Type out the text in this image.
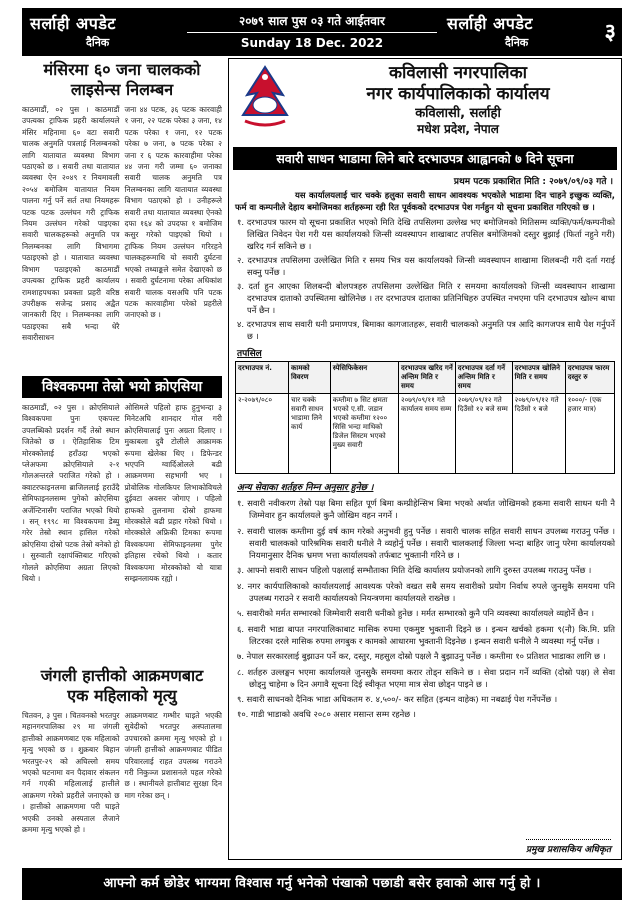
सर्लाही अपडेट
दैनिक
२०७९ साल पुस ०३ गते आईतवार
Sunday 18 Dec. 2022
सर्लाही अपडेट
दैनिक	३
मंसिरमा ६० जना चालकको
लाइसेन्स निलम्बन
काठमाडौं, ०२ पुस । काठमाडौं उपत्यका ट्राफिक प्रहरी कार्यालयले मंसिर महिनामा ६० वटा सवारी चालक अनुमति पत्रलाई निलम्बनको लागि यातायात व्यवस्था विभाग पठाएको छ । सवारी तथा यातायात व्यवस्था ऐन २०४९ र नियमावली २०५४ बमोजिम यातायात नियम पालना गर्नु पर्ने सर्त तथा नियमहरू पटक पटक उल्लंघन गरी ट्राफिक नियम उल्लंघन गरेको पाइएका सवारी चालकहरूको अनुमति पत्र निलम्बनका लागि विभागमा पठाइएको हो । यातायात व्यवस्था विभाग पठाइएको काठमाडौं उपत्यका ट्राफिक प्रहरी कार्यालय रामशाहपथका प्रवक्ता प्रहरी वरिष्ठ उपरीक्षक सजेन्द्र प्रसाद अद्वैत जानकारी दिए । निलम्बनका लागि पठाइएका सबै भन्दा धेरै सवारीसाधन
जना ४४ पटक, ३६ पटक कारवाही १ जना, २२ पटक परेका ३ जना, १४ पटक परेका १ जना, १२ पटक परेका ७ जना, ७ पटक परेका २ जना र ६ पटक कारवाहीमा परेका ४४ जना गरी जम्मा ६० जनाका सवारी चालक अनुमति पत्र निलम्बनका लागि यातायात व्यवस्था विभाग पठाएको हो । उनीहरूले सवारी तथा यातायात व्यवस्था ऐनको दफा १६४ को उपदफा १ बमोजिम कसुर गरेको पाइएको थियो । ट्राफिक नियम उल्लंघन गरिरहने चालकहरूमाथि यो सवारी दुर्घटना भएको तथ्याङ्कले समेत देखाएको छ । सवारी दुर्घटनामा परेका अधिकांश सवारी चालक यसअघि पनि पटक पटक कारवाहीमा परेको प्रहरीले जनाएको छ ।
विश्वकपमा तेस्रो भयो क्रोएसिया
काठमाडौं, ०२ पुस । क्रोएसियाले विश्वकपमा पुनः एकपल्ट उपलब्धिको प्रदर्शन गर्दै तेस्रो स्थान जितेको छ । ऐतिहासिक टिम मोरक्कोलाई हराँउदा भएको प्लेअफमा क्रोएसियाले २-१ गोलअन्तरले पराजित गरेको हो । क्वाटरफाइनलमा ब्राजिललाई हराउँदै सेमिफाइनलसम्म पुगेको क्रोएसिया अर्जेन्टिनासँग पराजित भएको थियो । सन् १९९८ मा विश्वकपमा डेब्यु गरेर तेस्रो स्थान हासिल गरेको क्रोएसिया दोस्रो पटक तेस्रो बनेको हो । सुरुवाती रक्षापंक्तिबाट गरिएको गोलले क्रोएसिया अग्रता लिएको थियो ।
ओसिमले पहिलो हाफ हुनुभन्दा ३ मिनेटअघि शानदार गोल गरी क्रोएसियालाई पुनः अग्रता दिलाए । मुकाबला दुवै टोलीले आक्रामक रूपमा खेलेका थिए । डिफेन्डर भएपनि ग्वार्दिओलले बढी आक्रमणमा सहभागी भए । प्रोवोलिक गोलकिपर लिभाकोविचले दुईवटा अवसर जोगाए । पहिलो हाफको तुलनामा दोस्रो हाफमा मोरक्कोले बढी प्रहार गरेको थियो । मोरक्कोले अफ्रिकी टिमका रूपमा विश्वकपमा सेमिफाइनलमा पुगेर इतिहास रचेको थियो । कतार विश्वकपमा मोरक्कोको यो यात्रा सम्झनलायक रह्यो ।
जंगली हात्तीको आक्रमणबाट
एक महिलाको मृत्यु
चितवन, ३ पुस । चितवनको भरतपुर महानगरपालिका २९ मा जंगली हात्तीको आक्रमणबाट एक महिलाको मृत्यु भएको छ । शुक्रबार बिहान भरतपुर-२९ को अघिल्लो समय भएको घटनामा वन पैदावार संकलन गर्न गएकी महिलालाई हात्तीले आक्रमण गरेको प्रहरीले जनाएको छ । हात्तीको आक्रमणमा परी घाइते भएकी उनको अस्पताल लैजाने क्रममा मृत्यु भएको हो ।
आक्रमणबाट गम्भीर घाइते भएकी सुवेदीको भरतपुर अस्पतालमा उपचारको क्रममा मृत्यु भएको हो । जंगली हात्तीको आक्रमणबाट पीडित परिवारलाई राहत उपलब्ध गराउने गरी निकुञ्ज प्रशासनले पहल गरेको छ । स्थानीयले हात्तीबाट सुरक्षा दिन माग गरेका छन् ।
कविलासी नगरपालिका
नगर कार्यपालिकाको कार्यालय
कविलासी, सर्लाही
मधेश प्रदेश, नेपाल
सवारी साधन भाडामा लिने बारे दरभाउपत्र आह्वानको ७ दिने सूचना
प्रथम पटक प्रकाशित मिति : २०७९/०९/०३ गते ।

यस कार्यालयलाई चार चक्के हलुका सवारी साधन आवश्यक भएकोले भाडामा दिन चाहने इच्छुक व्यक्ति, फर्म वा कम्पनीले देहाय बमोजिमका शर्तहरूमा रही रित पूर्वकको दरभाउपत्र पेश गर्नहुन यो सूचना प्रकाशित गरिएको छ ।

१. दरभाउपत्र फारम यो सूचना प्रकाशित भएको मिति देखि तपसिलमा उल्लेख भए बमोजिमको मितिसम्म व्यक्ति/फर्म/कम्पनीको लिखित निवेदन पेश गरी यस कार्यालयको जिन्सी व्यवस्थापन शाखाबाट तपसिल बमोजिमको दस्तुर बुझाई (फिर्ता नहुने गरी) खरिद गर्न सकिने छ ।
२. दरभाउपत्र तपसिलमा उल्लेखित मिति र समय भित्र यस कार्यालयको जिन्सी व्यवस्थापन शाखामा शिलबन्दी गरी दर्ता गराई सक्नु पर्नेछ ।
३. दर्ता हुन आएका शिलबन्दी बोलपत्रहरु तपसिलमा उल्लेखित मिति र समयमा कार्यालयको जिन्सी व्यवस्थापन शाखामा दरभाउपत्र दाताको उपस्थितमा खोलिनेछ । तर दरभाउपत्र दाताका प्रतिनिधिहरु उपस्थित नभएमा पनि दरभाउपत्र खोल्न बाधा पर्ने छैन ।
४. दरभाउपत्र साथ सवारी धनी प्रमाणपत्र, बिमाका कागजातहरू, सवारी चालकको अनुमति पत्र आदि कागजपत्र साथै पेश गर्नुपर्ने छ ।
तपसिल
दरभाउपत्र नं.	कामको विवरण	स्पेसिफिकेसन	दरभाउपत्र खरिद गर्ने अन्तिम मिति र समय	दरभाउपत्र दर्ता गर्ने अन्तिम मिति र समय	दरभाउपत्र खोलिने मिति र समय	दरभाउपत्र फारम दस्तुर रु
२-२०७९/०८०	चार चक्के सवारी साधन भाडामा लिने कार्य	कम्तीमा ७ सिट क्षमता भएको ए.सी. जडान भएको कम्तीमा १२०० सिसि भन्दा माथिको डिजेल सिस्टम भएको मुख्य सवारी	२०७९/०९/११ गते कार्यालय समय सम्म	२०७९/०९/१२ गते दिउँसो १२ बजे सम्म	२०७९/०९/१२ गते दिउँसो १ बजे	१०००/- (एक हजार मात्र)
अन्य सेवाका शर्तहरु निम्न अनुसार हुनेछ ।
१. सवारी नवीकरण तेस्रो पक्ष बिमा सहित पूर्ण बिमा कम्प्रीहेन्सिभ बिमा भएको अर्थात जोखिमको हकमा सवारी साधन धनी नै जिम्मेवार हुन कार्यालयले कुनै जोखिम वहन नगर्ने ।
२. सवारी चालक कम्तीमा दुई वर्ष काम गरेको अनुभवी हुनु पर्नेछ । सवारी चालक सहित सवारी साधन उपलब्ध गराउनु पर्नेछ । सवारी चालकको पारिश्रमिक सवारी धनीले नै व्यहोर्नु पर्नेछ । सवारी चालकलाई जिल्ला भन्दा बाहिर जानु परेमा कार्यालयको नियमानुसार दैनिक भ्रमण भत्ता कार्यालयको तर्फबाट भुक्तानी गरिने छ ।
३. आफ्नो सवारी साधन पहिलो पक्षलाई सम्भौताका मिति देखि कार्यालय प्रयोजनको लागि दुरुस्त उपलब्ध गराउनु पर्नेछ ।
४. नगर कार्यपालिकाको कार्यालयलाई आवश्यक परेको वखत सबै समय सवारीको प्रयोग निर्वाध रुपले जुनसुकै समयमा पनि उपलब्ध गराउने र सवारी कार्यालयको नियन्त्रणमा कार्यालयले राख्नेछ ।
५. सवारीको मर्मत सम्भारको जिम्मेवारी सवारी धनीको हुनेछ । मर्मत सम्भारको कुनै पनि व्यवस्था कार्यालयले व्यहोर्ने छैन ।
६. सवारी भाडा बापत नगरपालिकाबाट मासिक रुपमा एकमुष्ट भुक्तानी दिइने छ । इन्धन खर्चको हकमा ९(नौ) कि.मि. प्रति लिटरका दरले मासिक रुपमा लगबुक र कामको आधारमा भुक्तानी दिइनेछ । इन्धन सवारी धनीले नै व्यवस्था गर्नु पर्नेछ ।
७. नेपाल सरकारलाई बुझाउन पर्ने कर, दस्तुर, महसुल दोस्रो पक्षले नै बुझाउनु पर्नेछ । कम्तीमा १० प्रतिशत भाडाका लागि छ ।
८. शर्तहरु उल्लङ्घन भएमा कार्यालयले जुनसुकै समयमा करार तोड्न सकिने छ । सेवा प्रदान गर्ने व्यक्ति (दोस्रो पक्ष) ले सेवा छोड्नु चाहेमा ७ दिन अगावै सूचना दिई स्वीकृत भएमा मात्र सेवा छोड्न पाइने छ ।
९. सवारी साधनको दैनिक भाडा अधिकतम रु. ४,५००/- कर सहित (इन्धन वाहेक) मा नबढाई पेश गर्नेपर्नेछ ।
१०. गाडी भाडाको अवधि २०८० असार मसान्त सम्म रहनेछ ।
प्रमुख प्रशासकिय अधिकृत
आफ्नो कर्म छोडेर भाग्यमा विश्वास गर्नु भनेको पंखाको पछाडी बसेर हवाको आस गर्नु हो ।
